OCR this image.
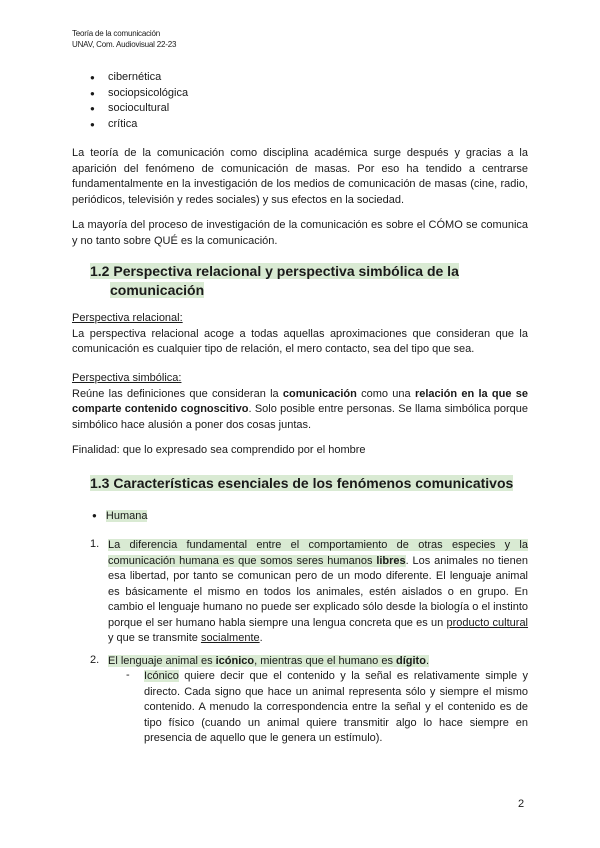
Teoría de la comunicación
UNAV, Com. Audiovisual 22-23
● cibernética
● sociopsicológica
● sociocultural
● crítica
La teoría de la comunicación como disciplina académica surge después y gracias a la aparición del fenómeno de comunicación de masas. Por eso ha tendido a centrarse fundamentalmente en la investigación de los medios de comunicación de masas (cine, radio, periódicos, televisión y redes sociales) y sus efectos en la sociedad.
La mayoría del proceso de investigación de la comunicación es sobre el CÓMO se comunica y no tanto sobre QUÉ es la comunicación.
1.2 Perspectiva relacional y perspectiva simbólica de la
comunicación
Perspectiva relacional:
La perspectiva relacional acoge a todas aquellas aproximaciones que consideran que la comunicación es cualquier tipo de relación, el mero contacto, sea del tipo que sea.
Perspectiva simbólica:
Reúne las definiciones que consideran la comunicación como una relación en la que se comparte contenido cognoscitivo. Solo posible entre personas. Se llama simbólica porque simbólico hace alusión a poner dos cosas juntas.
Finalidad: que lo expresado sea comprendido por el hombre
1.3 Características esenciales de los fenómenos comunicativos
● Humana
1. La diferencia fundamental entre el comportamiento de otras especies y la comunicación humana es que somos seres humanos libres. Los animales no tienen esa libertad, por tanto se comunican pero de un modo diferente. El lenguaje animal es básicamente el mismo en todos los animales, estén aislados o en grupo. En cambio el lenguaje humano no puede ser explicado sólo desde la biología o el instinto porque el ser humano habla siempre una lengua concreta que es un producto cultural y que se transmite socialmente.
2. El lenguaje animal es icónico, mientras que el humano es dígito.
- Icónico quiere decir que el contenido y la señal es relativamente simple y directo. Cada signo que hace un animal representa sólo y siempre el mismo contenido. A menudo la correspondencia entre la señal y el contenido es de tipo físico (cuando un animal quiere transmitir algo lo hace siempre en presencia de aquello que le genera un estímulo).
2
